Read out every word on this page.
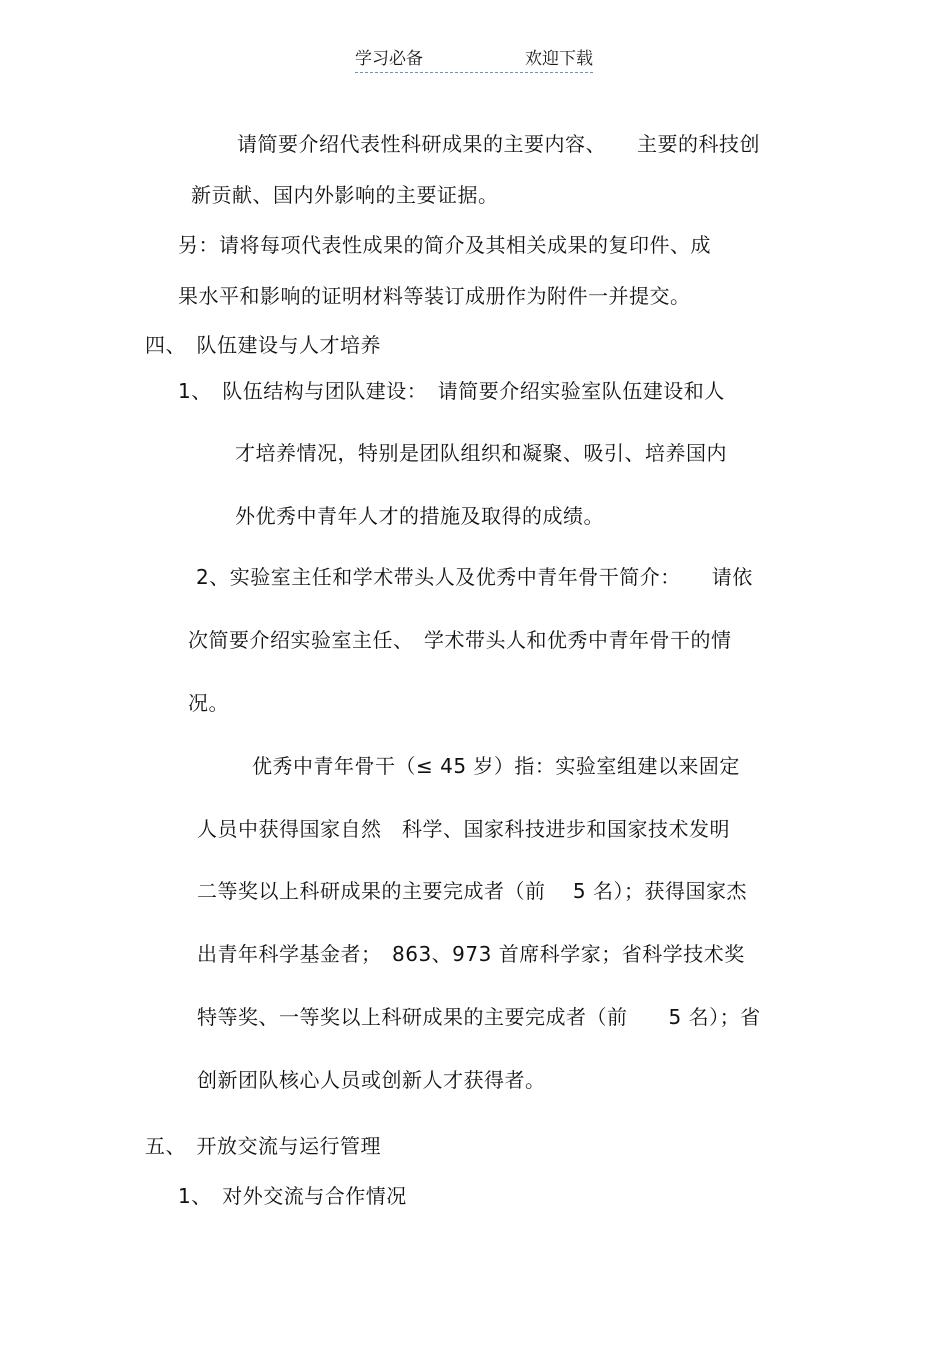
学习必备	欢迎下载
请简要介绍代表性科研成果的主要内容、　　主要的科技创
新贡献、国内外影响的主要证据。
另：请将每项代表性成果的简介及其相关成果的复印件、成
果水平和影响的证明材料等装订成册作为附件一并提交。
四、　队伍建设与人才培养
1、　队伍结构与团队建设：　请简要介绍实验室队伍建设和人
才培养情况，特别是团队组织和凝聚、吸引、培养国内
外优秀中青年人才的措施及取得的成绩。
2、实验室主任和学术带头人及优秀中青年骨干简介：　　请依
次简要介绍实验室主任、　学术带头人和优秀中青年骨干的情
况。
优秀中青年骨干（≤ 45 岁）指：实验室组建以来固定
人员中获得国家自然　科学、国家科技进步和国家技术发明
二等奖以上科研成果的主要完成者（前　 5 名）；获得国家杰
出青年科学基金者；　863、973 首席科学家；省科学技术奖
特等奖、一等奖以上科研成果的主要完成者（前　　5 名）；省
创新团队核心人员或创新人才获得者。
五、　开放交流与运行管理
1、　对外交流与合作情况
